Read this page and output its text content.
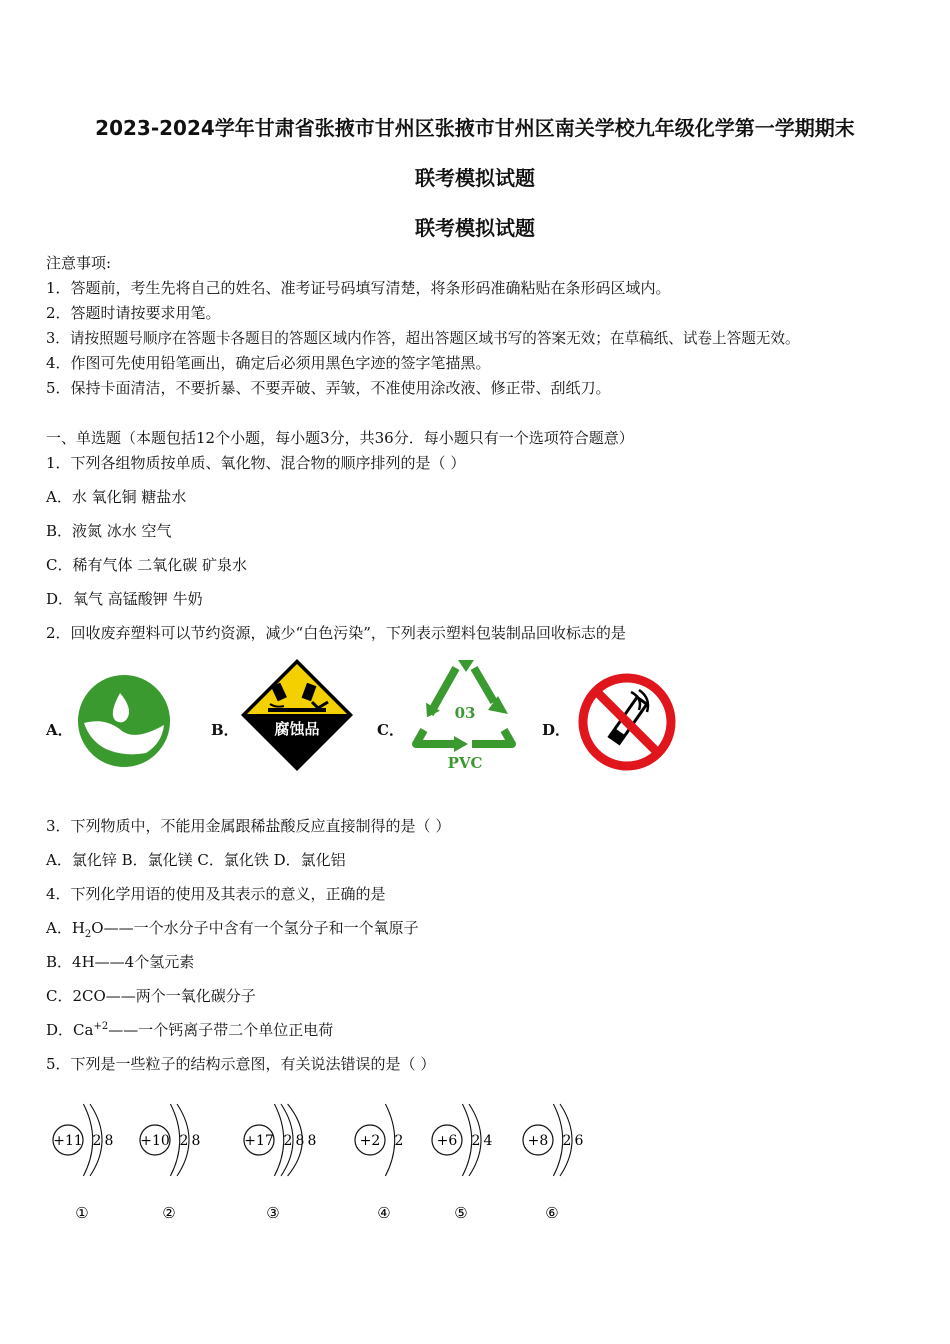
2023-2024学年甘肃省张掖市甘州区张掖市甘州区南关学校九年级化学第一学期期末
联考模拟试题
联考模拟试题
注意事项:
1．答题前，考生先将自己的姓名、准考证号码填写清楚，将条形码准确粘贴在条形码区域内。
2．答题时请按要求用笔。
3．请按照题号顺序在答题卡各题目的答题区域内作答，超出答题区域书写的答案无效；在草稿纸、试卷上答题无效。
4．作图可先使用铅笔画出，确定后必须用黑色字迹的签字笔描黑。
5．保持卡面清洁，不要折暴、不要弄破、弄皱，不准使用涂改液、修正带、刮纸刀。
一、单选题（本题包括12个小题，每小题3分，共36分．每小题只有一个选项符合题意）
1．下列各组物质按单质、氧化物、混合物的顺序排列的是（ ）
A．水 氧化铜 糖盐水
B．液氮 冰水 空气
C．稀有气体 二氧化碳 矿泉水
D．氧气 高锰酸钾 牛奶
2．回收废弃塑料可以节约资源，减少“白色污染”，下列表示塑料包装制品回收标志的是
A．	B．	腐蚀品	C．
03
PVC
D．
3．下列物质中，不能用金属跟稀盐酸反应直接制得的是（ ）
A．氯化锌 B．氯化镁 C．氯化铁 D．氯化铝
4．下列化学用语的使用及其表示的意义，正确的是
A．$H_2O——$一个水分子中含有一个氢分子和一个氧原子
B．4H——4个氢元素
C．2CO——两个一氧化碳分子
D．$Ca^{+2}——$一个钙离子带二个单位正电荷
5．下列是一些粒子的结构示意图，有关说法错误的是（ ）
+11 2 8
①
+10 2 8
②
+17 2 8 8
③
+2 2
④
+6 2 4
⑤
+8 2 6
⑥
